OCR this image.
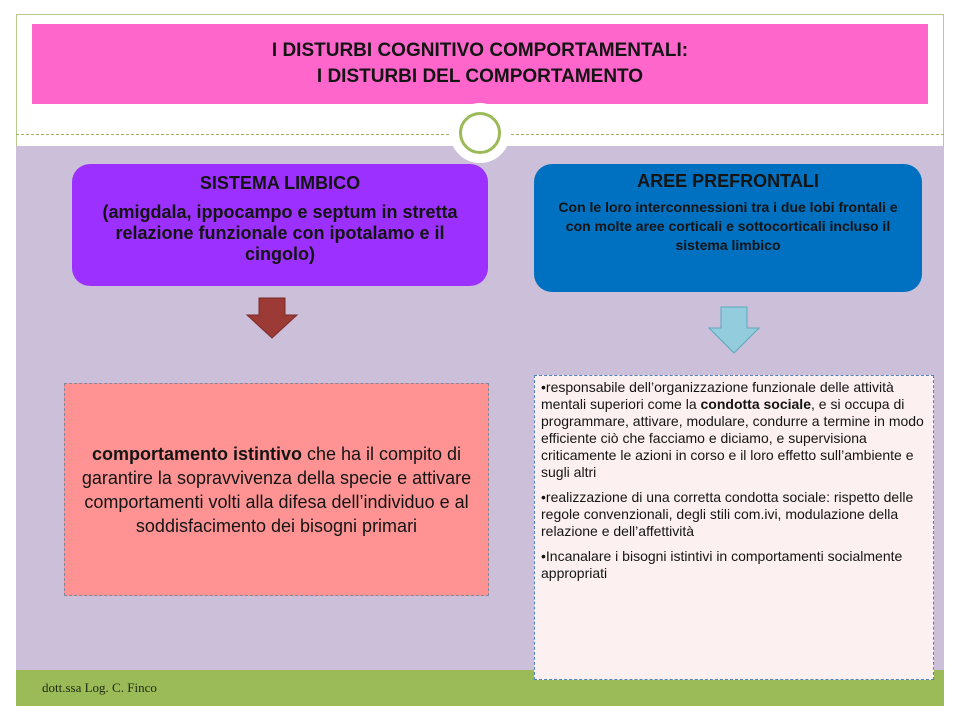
dott.ssa Log. C. Finco
I DISTURBI COGNITIVO COMPORTAMENTALI:
I DISTURBI DEL COMPORTAMENTO
SISTEMA LIMBICO
(amigdala, ippocampo e septum in stretta relazione funzionale con ipotalamo e il cingolo)
AREE PREFRONTALI
Con le loro interconnessioni tra i due lobi frontali e con molte aree corticali e sottocorticali incluso il sistema limbico
comportamento istintivo che ha il compito di garantire la sopravvivenza della specie e attivare comportamenti volti alla difesa dell’individuo e al soddisfacimento dei bisogni primari

•responsabile dell’organizzazione funzionale delle attività mentali superiori come la condotta sociale, e si occupa di programmare, attivare, modulare, condurre a termine in modo efficiente ciò che facciamo e diciamo, e supervisiona criticamente le azioni in corso e il loro effetto sull’ambiente e sugli altri

•realizzazione di una corretta condotta sociale: rispetto delle regole convenzionali, degli stili com.ivi, modulazione della relazione e dell’affettività

•Incanalare i bisogni istintivi in comportamenti socialmente appropriati
